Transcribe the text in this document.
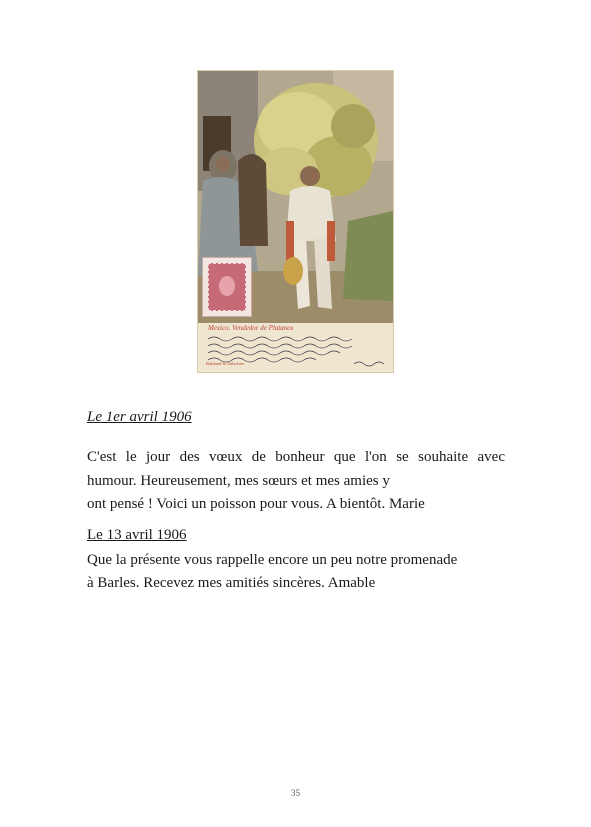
Mexico. Vendedor de Platanos
Ruhland & Ahlschier

Le 1er avril 1906

C'est le jour des vœux de bonheur que l'on se souhaite avec
humour. Heureusement, mes sœurs et mes amies y
ont pensé ! Voici un poisson pour vous. A bientôt. Marie

Le 13 avril 1906

Que la présente vous rappelle encore un peu notre promenade
à Barles. Recevez mes amitiés sincères. Amable

35
